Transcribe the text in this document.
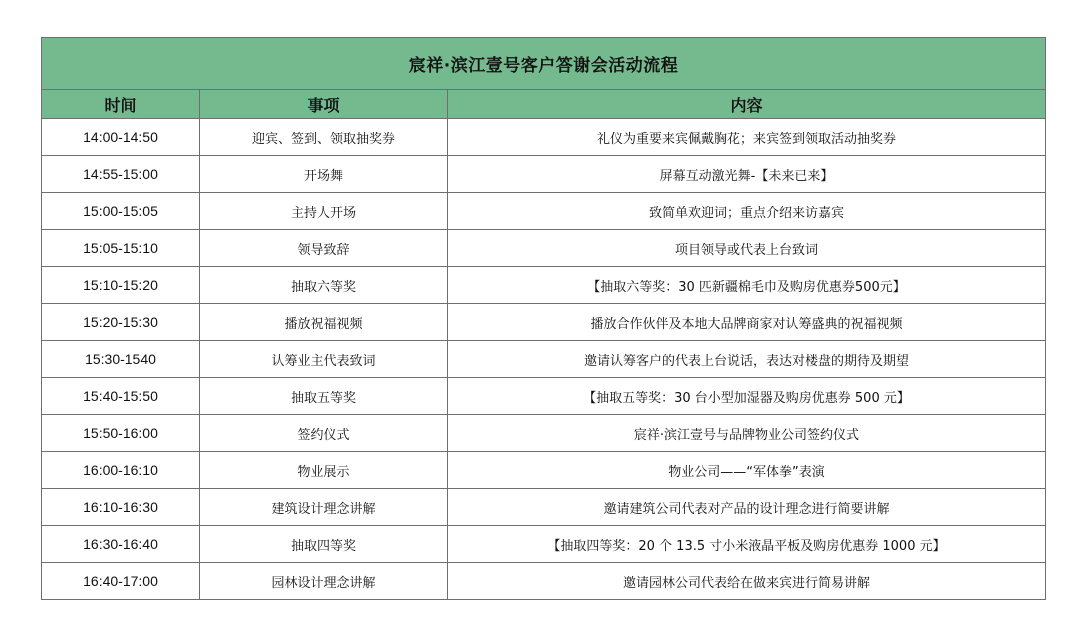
宸祥·滨江壹号客户答谢会活动流程		
时间	事项	内容
14:00-14:50	迎宾、签到、领取抽奖券	礼仪为重要来宾佩戴胸花；来宾签到领取活动抽奖券
14:55-15:00	开场舞	屏幕互动激光舞-【未来已来】
15:00-15:05	主持人开场	致简单欢迎词；重点介绍来访嘉宾
15:05-15:10	领导致辞	项目领导或代表上台致词
15:10-15:20	抽取六等奖	【抽取六等奖：30 匹新疆棉毛巾及购房优惠券500元】
15:20-15:30	播放祝福视频	播放合作伙伴及本地大品牌商家对认筹盛典的祝福视频
15:30-1540	认筹业主代表致词	邀请认筹客户的代表上台说话，表达对楼盘的期待及期望
15:40-15:50	抽取五等奖	【抽取五等奖：30 台小型加湿器及购房优惠券 500 元】
15:50-16:00	签约仪式	宸祥·滨江壹号与品牌物业公司签约仪式
16:00-16:10	物业展示	物业公司——“军体拳”表演
16:10-16:30	建筑设计理念讲解	邀请建筑公司代表对产品的设计理念进行简要讲解
16:30-16:40	抽取四等奖	【抽取四等奖：20 个 13.5 寸小米液晶平板及购房优惠券 1000 元】
16:40-17:00	园林设计理念讲解	邀请园林公司代表给在做来宾进行简易讲解
